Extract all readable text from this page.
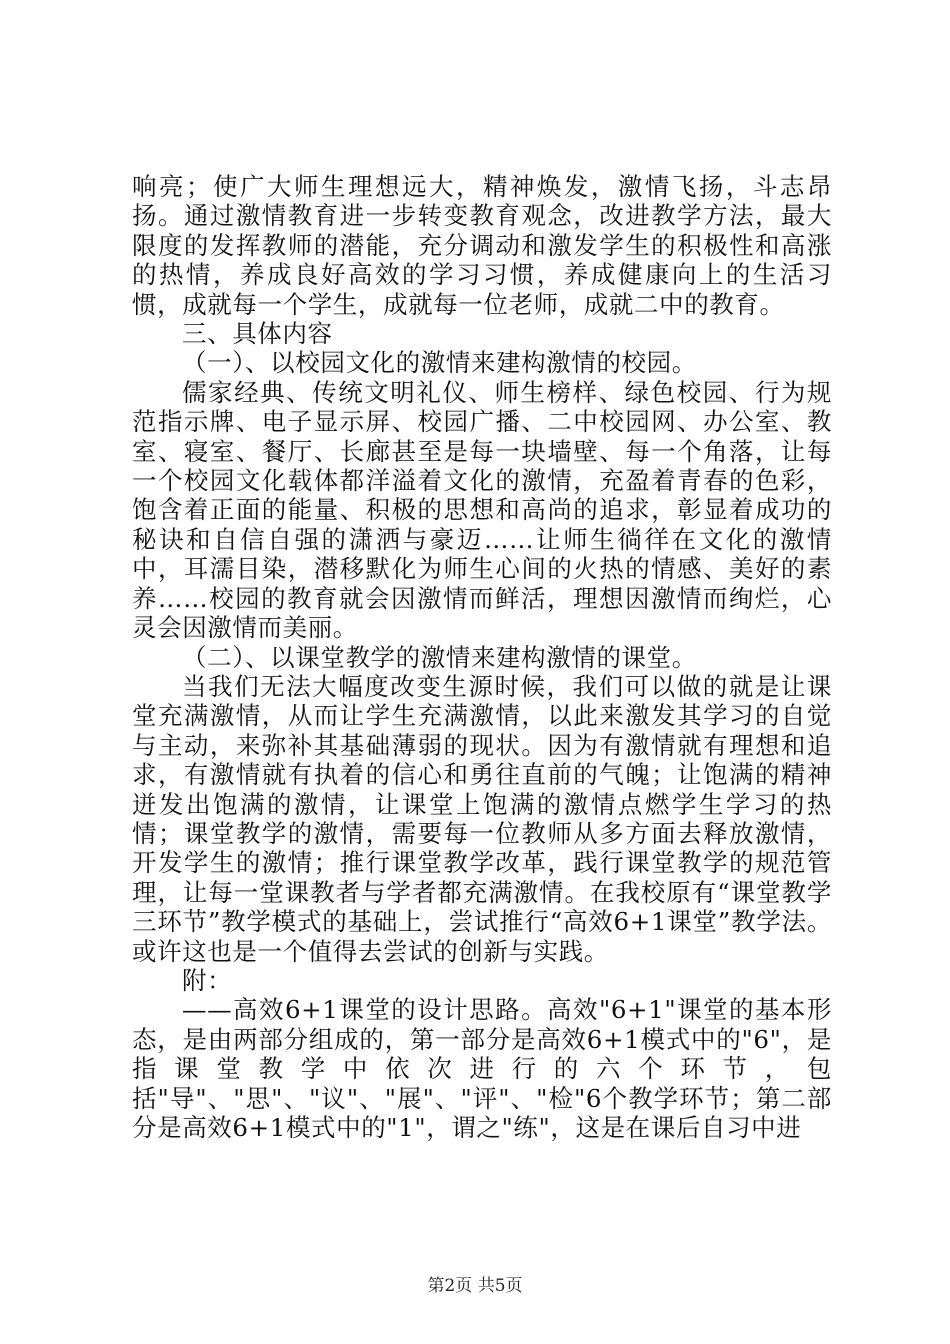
响亮；使广大师生理想远大，精神焕发，激情飞扬，斗志昂扬。通过激情教育进一步转变教育观念，改进教学方法，最大限度的发挥教师的潜能，充分调动和激发学生的积极性和高涨的热情，养成良好高效的学习习惯，养成健康向上的生活习惯，成就每一个学生，成就每一位老师，成就二中的教育。

三、具体内容

（一）、以校园文化的激情来建构激情的校园。

儒家经典、传统文明礼仪、师生榜样、绿色校园、行为规范指示牌、电子显示屏、校园广播、二中校园网、办公室、教室、寝室、餐厅、长廊甚至是每一块墙壁、每一个角落，让每一个校园文化载体都洋溢着文化的激情，充盈着青春的色彩，饱含着正面的能量、积极的思想和高尚的追求，彰显着成功的秘诀和自信自强的潇洒与豪迈……让师生徜徉在文化的激情中，耳濡目染，潜移默化为师生心间的火热的情感、美好的素养……校园的教育就会因激情而鲜活，理想因激情而绚烂，心灵会因激情而美丽。

（二）、以课堂教学的激情来建构激情的课堂。

当我们无法大幅度改变生源时候，我们可以做的就是让课堂充满激情，从而让学生充满激情，以此来激发其学习的自觉与主动，来弥补其基础薄弱的现状。因为有激情就有理想和追求，有激情就有执着的信心和勇往直前的气魄；让饱满的精神迸发出饱满的激情，让课堂上饱满的激情点燃学生学习的热情；课堂教学的激情，需要每一位教师从多方面去释放激情，开发学生的激情；推行课堂教学改革，践行课堂教学的规范管理，让每一堂课教者与学者都充满激情。在我校原有“课堂教学三环节”教学模式的基础上，尝试推行“高效6+1课堂”教学法。或许这也是一个值得去尝试的创新与实践。

附：

——高效6+1课堂的设计思路。高效"6+1"课堂的基本形态，是由两部分组成的，第一部分是高效6+1模式中的"6"，是指课堂教学中依次进行的六个环节，包括"导"、"思"、"议"、"展"、"评"、"检"6个教学环节；第二部分是高效6+1模式中的"1"，谓之"练"，这是在课后自习中进

第2页 共5页
